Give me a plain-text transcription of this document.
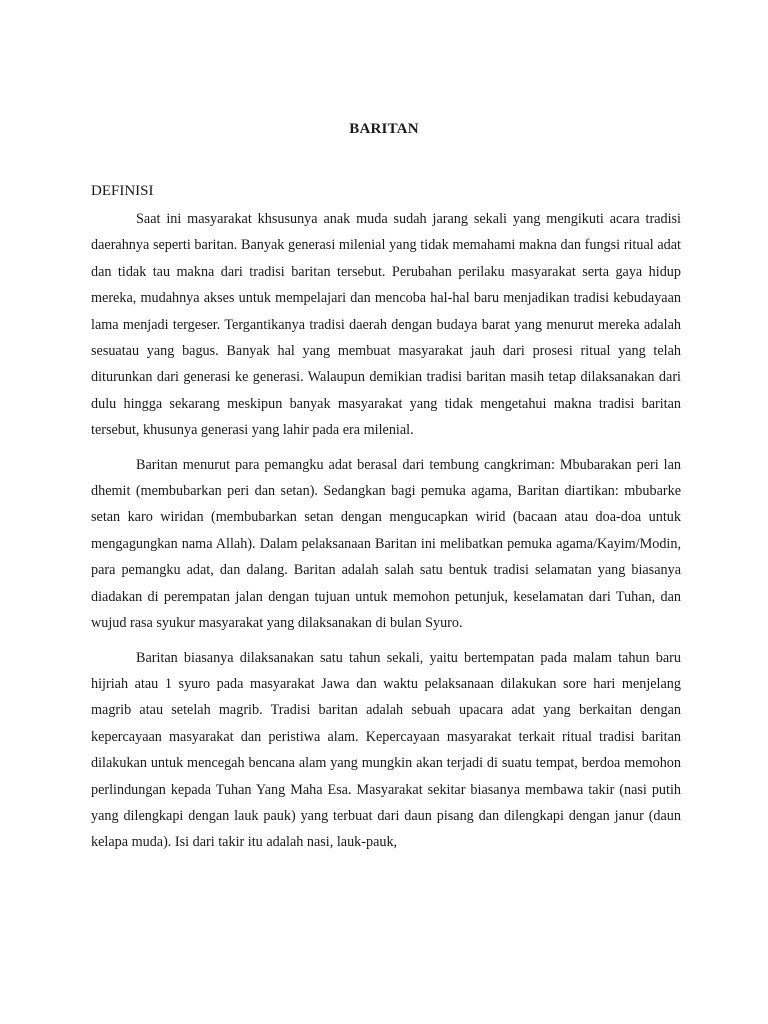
BARITAN
DEFINISI

Saat ini masyarakat khsusunya anak muda sudah jarang sekali yang mengikuti acara tradisi daerahnya seperti baritan. Banyak generasi milenial yang tidak memahami makna dan fungsi ritual adat dan tidak tau makna dari tradisi baritan tersebut. Perubahan perilaku masyarakat serta gaya hidup mereka, mudahnya akses untuk mempelajari dan mencoba hal-hal baru menjadikan tradisi kebudayaan lama menjadi tergeser. Tergantikanya tradisi daerah dengan budaya barat yang menurut mereka adalah sesuatau yang bagus. Banyak hal yang membuat masyarakat jauh dari prosesi ritual yang telah diturunkan dari generasi ke generasi. Walaupun demikian tradisi baritan masih tetap dilaksanakan dari dulu hingga sekarang meskipun banyak masyarakat yang tidak mengetahui makna tradisi baritan tersebut, khusunya generasi yang lahir pada era milenial.

Baritan menurut para pemangku adat berasal dari tembung cangkriman: Mbubarakan peri lan dhemit (membubarkan peri dan setan). Sedangkan bagi pemuka agama, Baritan diartikan: mbubarke setan karo wiridan (membubarkan setan dengan mengucapkan wirid (bacaan atau doa-doa untuk mengagungkan nama Allah). Dalam pelaksanaan Baritan ini melibatkan pemuka agama/Kayim/Modin, para pemangku adat, dan dalang. Baritan adalah salah satu bentuk tradisi selamatan yang biasanya diadakan di perempatan jalan dengan tujuan untuk memohon petunjuk, keselamatan dari Tuhan, dan wujud rasa syukur masyarakat yang dilaksanakan di bulan Syuro.

Baritan biasanya dilaksanakan satu tahun sekali, yaitu bertempatan pada malam tahun baru hijriah atau 1 syuro pada masyarakat Jawa dan waktu pelaksanaan dilakukan sore hari menjelang magrib atau setelah magrib. Tradisi baritan adalah sebuah upacara adat yang berkaitan dengan kepercayaan masyarakat dan peristiwa alam. Kepercayaan masyarakat terkait ritual tradisi baritan dilakukan untuk mencegah bencana alam yang mungkin akan terjadi di suatu tempat, berdoa memohon perlindungan kepada Tuhan Yang Maha Esa. Masyarakat sekitar biasanya membawa takir (nasi putih yang dilengkapi dengan lauk pauk) yang terbuat dari daun pisang dan dilengkapi dengan janur (daun kelapa muda). Isi dari takir itu adalah nasi, lauk-pauk,
